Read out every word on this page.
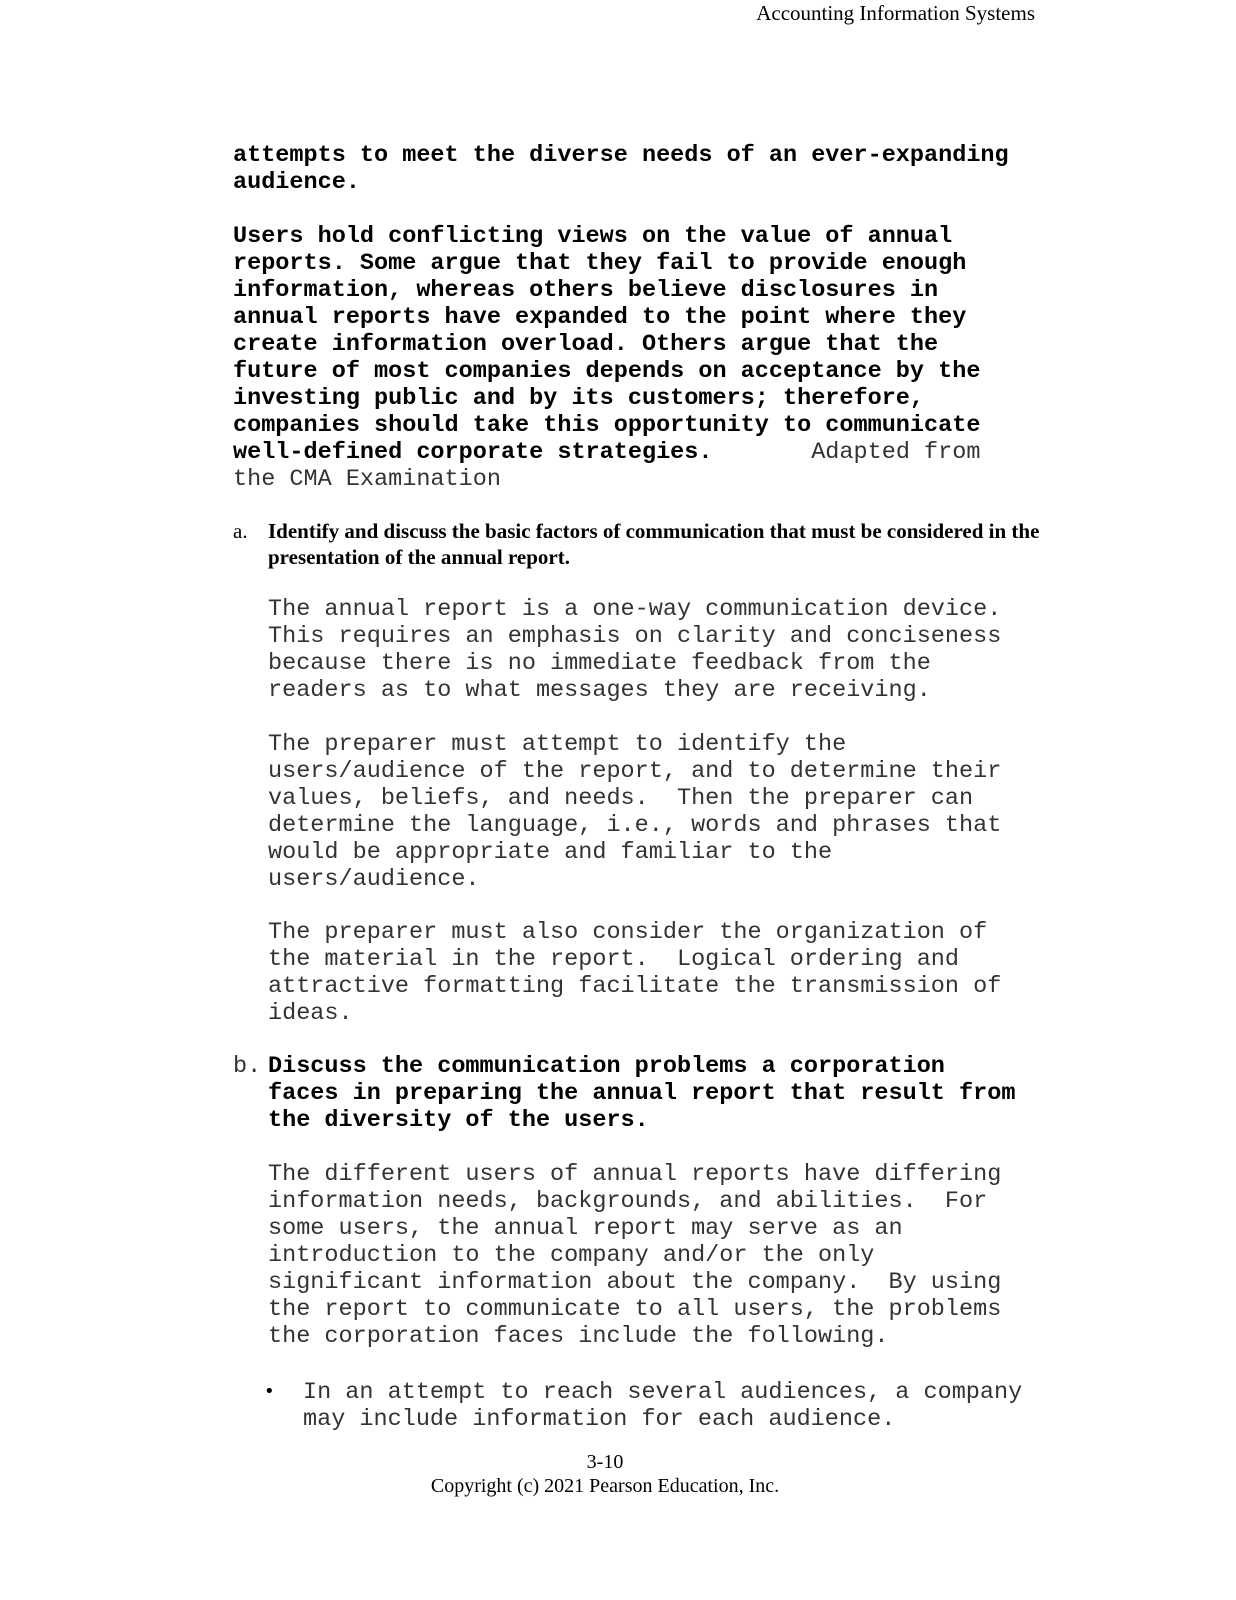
Accounting Information Systems
attempts to meet the diverse needs of an ever-expanding
audience.
Users hold conflicting views on the value of annual
reports. Some argue that they fail to provide enough
information, whereas others believe disclosures in
annual reports have expanded to the point where they
create information overload. Others argue that the
future of most companies depends on acceptance by the
investing public and by its customers; therefore,
companies should take this opportunity to communicate
well-defined corporate strategies.	Adapted from
the CMA Examination
a. Identify and discuss the basic factors of communication that must be considered in the presentation of the annual report.
The annual report is a one-way communication device.
This requires an emphasis on clarity and conciseness
because there is no immediate feedback from the
readers as to what messages they are receiving.
The preparer must attempt to identify the
users/audience of the report, and to determine their
values, beliefs, and needs.  Then the preparer can
determine the language, i.e., words and phrases that
would be appropriate and familiar to the
users/audience.
The preparer must also consider the organization of
the material in the report.  Logical ordering and
attractive formatting facilitate the transmission of
ideas.
b. Discuss the communication problems a corporation
faces in preparing the annual report that result from
the diversity of the users.
The different users of annual reports have differing
information needs, backgrounds, and abilities.  For
some users, the annual report may serve as an
introduction to the company and/or the only
significant information about the company.  By using
the report to communicate to all users, the problems
the corporation faces include the following.
• In an attempt to reach several audiences, a company
may include information for each audience.
3-10
Copyright (c) 2021 Pearson Education, Inc.
